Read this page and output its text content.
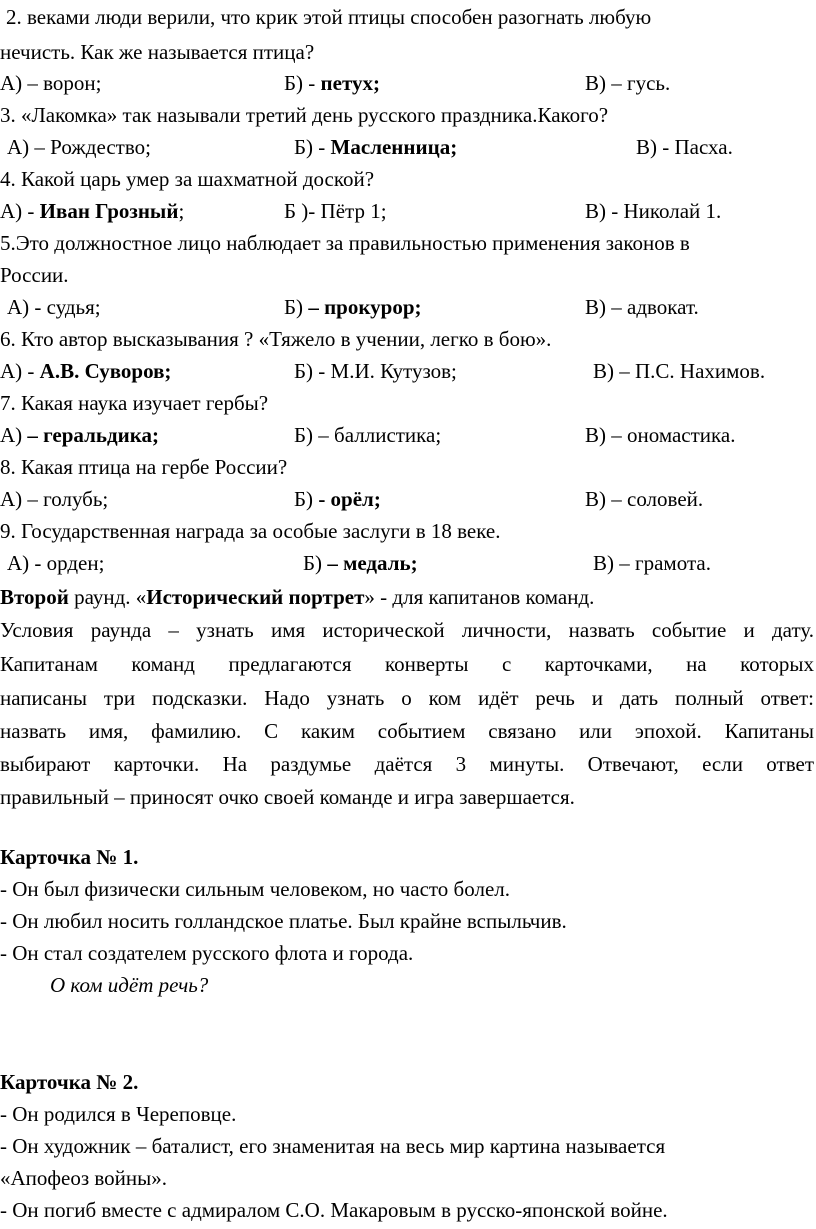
2. веками люди верили, что крик этой птицы способен разогнать любую
нечисть. Как же называется птица?
А) – ворон;	Б) - петух;	В) – гусь.
3. «Лакомка» так называли третий день русского праздника.Какого?
А) – Рождество;	Б) - Масленница;	В) - Пасха.
4. Какой царь умер за шахматной доской?
А) - Иван Грозный;	Б )- Пётр 1;	В) - Николай 1.
5.Это должностное лицо наблюдает за правильностью применения законов в
России.
А) - судья;	Б) – прокурор;	В) – адвокат.
6. Кто автор высказывания ? «Тяжело в учении, легко в бою».
А) - А.В. Суворов;	Б) - М.И. Кутузов;	В) – П.С. Нахимов.
7. Какая наука изучает гербы?
А) – геральдика;	Б) – баллистика;	В) – ономастика.
8. Какая птица на гербе России?
А) – голубь;	Б) - орёл;	В) – соловей.
9. Государственная награда за особые заслуги в 18 веке.
А) - орден;	Б) – медаль;	В) – грамота.
Второй раунд. «Исторический портрет» - для капитанов команд.
Условия раунда – узнать имя исторической личности, назвать событие и дату.
Капитанам команд предлагаются конверты с карточками, на которых
написаны три подсказки. Надо узнать о ком идёт речь и дать полный ответ:
назвать имя, фамилию. С каким событием связано или эпохой. Капитаны
выбирают карточки. На раздумье даётся 3 минуты. Отвечают, если ответ
правильный – приносят очко своей команде и игра завершается.
Карточка № 1.
- Он был физически сильным человеком, но часто болел.
- Он любил носить голландское платье. Был крайне вспыльчив.
- Он стал создателем русского флота и города.
О ком идёт речь?
Карточка № 2.
- Он родился в Череповце.
- Он художник – баталист, его знаменитая на весь мир картина называется
«Апофеоз войны».
- Он погиб вместе с адмиралом С.О. Макаровым в русско-японской войне.
